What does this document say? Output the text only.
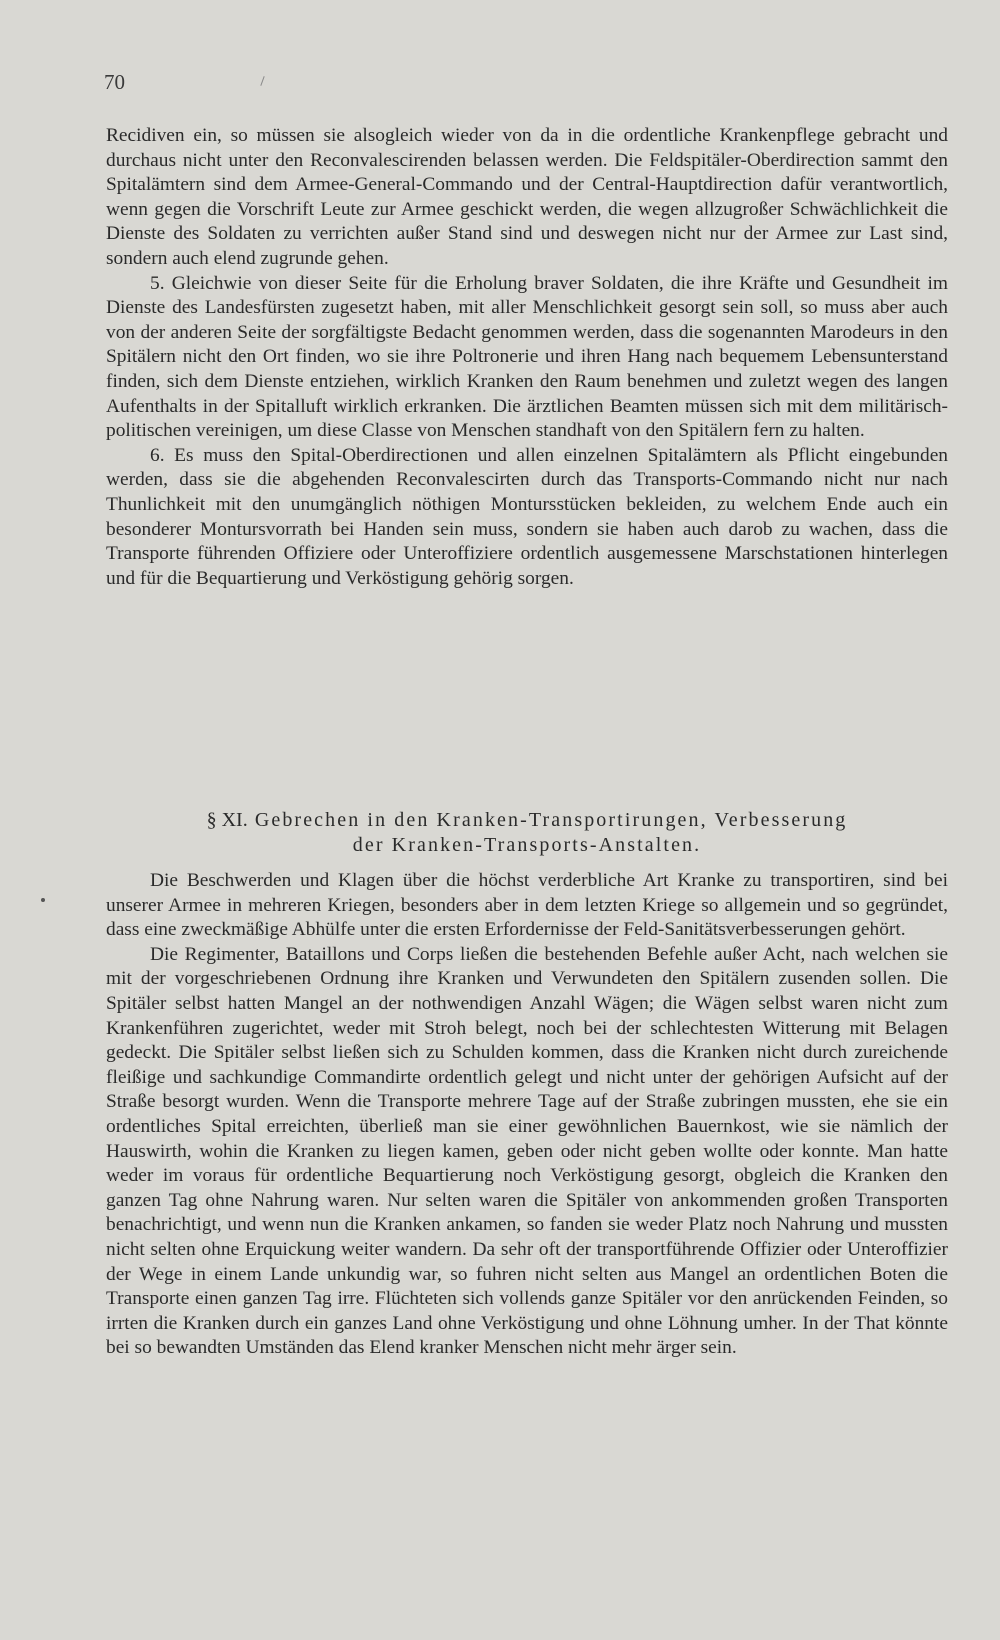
70

Recidiven ein, so müssen sie alsogleich wieder von da in die ordentliche Krankenpflege gebracht und durchaus nicht unter den Reconvalescirenden belassen werden. Die Feldspitäler-Oberdirection sammt den Spitalämtern sind dem Armee-General-Commando und der Central-Hauptdirection dafür verantwortlich, wenn gegen die Vorschrift Leute zur Armee geschickt werden, die wegen allzugroßer Schwächlichkeit die Dienste des Soldaten zu verrichten außer Stand sind und deswegen nicht nur der Armee zur Last sind, sondern auch elend zugrunde gehen.

5. Gleichwie von dieser Seite für die Erholung braver Soldaten, die ihre Kräfte und Gesundheit im Dienste des Landesfürsten zugesetzt haben, mit aller Menschlichkeit gesorgt sein soll, so muss aber auch von der anderen Seite der sorgfältigste Bedacht genommen werden, dass die sogenannten Marodeurs in den Spitälern nicht den Ort finden, wo sie ihre Poltronerie und ihren Hang nach bequemem Lebensunterstand finden, sich dem Dienste entziehen, wirklich Kranken den Raum benehmen und zuletzt wegen des langen Aufenthalts in der Spitalluft wirklich erkranken. Die ärztlichen Beamten müssen sich mit dem militärisch-politischen vereinigen, um diese Classe von Menschen standhaft von den Spitälern fern zu halten.

6. Es muss den Spital-Oberdirectionen und allen einzelnen Spitalämtern als Pflicht eingebunden werden, dass sie die abgehenden Reconvalescirten durch das Transports-Commando nicht nur nach Thunlichkeit mit den unumgänglich nöthigen Montursstücken bekleiden, zu welchem Ende auch ein besonderer Montursvorrath bei Handen sein muss, sondern sie haben auch darob zu wachen, dass die Transporte führenden Offiziere oder Unteroffiziere ordentlich ausgemessene Marschstationen hinterlegen und für die Bequartierung und Verköstigung gehörig sorgen.

§ XI. Gebrechen in den Kranken-Transportirungen, Verbesserung
der Kranken-Transports-Anstalten.

Die Beschwerden und Klagen über die höchst verderbliche Art Kranke zu transportiren, sind bei unserer Armee in mehreren Kriegen, besonders aber in dem letzten Kriege so allgemein und so gegründet, dass eine zweckmäßige Abhülfe unter die ersten Erfordernisse der Feld-Sanitätsverbesserungen gehört.

Die Regimenter, Bataillons und Corps ließen die bestehenden Befehle außer Acht, nach welchen sie mit der vorgeschriebenen Ordnung ihre Kranken und Verwundeten den Spitälern zusenden sollen. Die Spitäler selbst hatten Mangel an der nothwendigen Anzahl Wägen; die Wägen selbst waren nicht zum Krankenführen zugerichtet, weder mit Stroh belegt, noch bei der schlechtesten Witterung mit Belagen gedeckt. Die Spitäler selbst ließen sich zu Schulden kommen, dass die Kranken nicht durch zureichende fleißige und sachkundige Commandirte ordentlich gelegt und nicht unter der gehörigen Aufsicht auf der Straße besorgt wurden. Wenn die Transporte mehrere Tage auf der Straße zubringen mussten, ehe sie ein ordentliches Spital erreichten, überließ man sie einer gewöhnlichen Bauernkost, wie sie nämlich der Hauswirth, wohin die Kranken zu liegen kamen, geben oder nicht geben wollte oder konnte. Man hatte weder im voraus für ordentliche Bequartierung noch Verköstigung gesorgt, obgleich die Kranken den ganzen Tag ohne Nahrung waren. Nur selten waren die Spitäler von ankommenden großen Transporten benachrichtigt, und wenn nun die Kranken ankamen, so fanden sie weder Platz noch Nahrung und mussten nicht selten ohne Erquickung weiter wandern. Da sehr oft der transportführende Offizier oder Unteroffizier der Wege in einem Lande unkundig war, so fuhren nicht selten aus Mangel an ordentlichen Boten die Transporte einen ganzen Tag irre. Flüchteten sich vollends ganze Spitäler vor den anrückenden Feinden, so irrten die Kranken durch ein ganzes Land ohne Verköstigung und ohne Löhnung umher. In der That könnte bei so bewandten Umständen das Elend kranker Menschen nicht mehr ärger sein.
